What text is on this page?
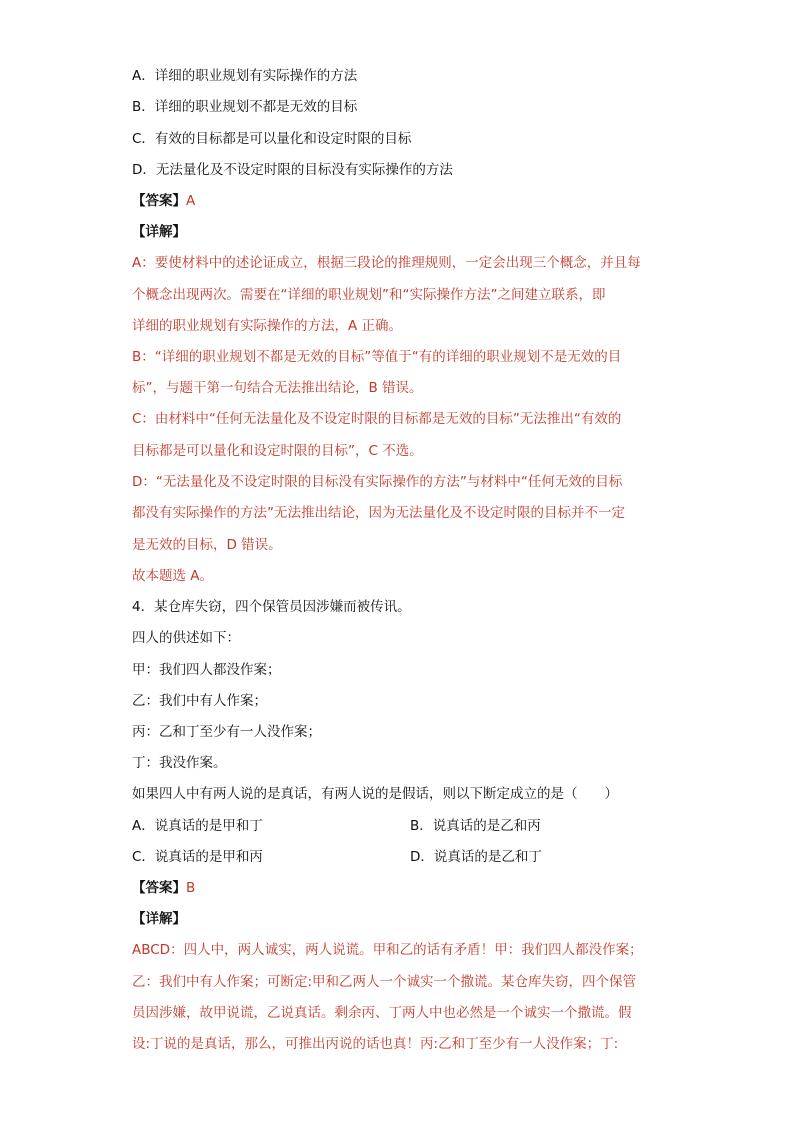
A．详细的职业规划有实际操作的方法
B．详细的职业规划不都是无效的目标
C．有效的目标都是可以量化和设定时限的目标
D．无法量化及不设定时限的目标没有实际操作的方法
【答案】A
【详解】
A：要使材料中的述论证成立，根据三段论的推理规则，一定会出现三个概念，并且每
个概念出现两次。需要在“详细的职业规划”和“实际操作方法”之间建立联系，即
详细的职业规划有实际操作的方法，A 正确。
B：“详细的职业规划不都是无效的目标”等值于“有的详细的职业规划不是无效的目
标”，与题干第一句结合无法推出结论，B 错误。
C：由材料中“任何无法量化及不设定时限的目标都是无效的目标”无法推出“有效的
目标都是可以量化和设定时限的目标”，C 不选。
D：“无法量化及不设定时限的目标没有实际操作的方法”与材料中“任何无效的目标
都没有实际操作的方法”无法推出结论，因为无法量化及不设定时限的目标并不一定
是无效的目标，D 错误。
故本题选 A。
4．某仓库失窃，四个保管员因涉嫌而被传讯。
四人的供述如下：
甲：我们四人都没作案；
乙：我们中有人作案；
丙：乙和丁至少有一人没作案；
丁：我没作案。
如果四人中有两人说的是真话，有两人说的是假话，则以下断定成立的是（　　）
A．说真话的是甲和丁	B．说真话的是乙和丙
C．说真话的是甲和丙	D．说真话的是乙和丁
【答案】B
【详解】
ABCD：四人中，两人诚实，两人说谎。甲和乙的话有矛盾！甲：我们四人都没作案；
乙：我们中有人作案；可断定:甲和乙两人一个诚实一个撒谎。某仓库失窃，四个保管
员因涉嫌，故甲说谎，乙说真话。剩余丙、丁两人中也必然是一个诚实一个撒谎。假
设:丁说的是真话，那么，可推出丙说的话也真！丙:乙和丁至少有一人没作案；丁:
